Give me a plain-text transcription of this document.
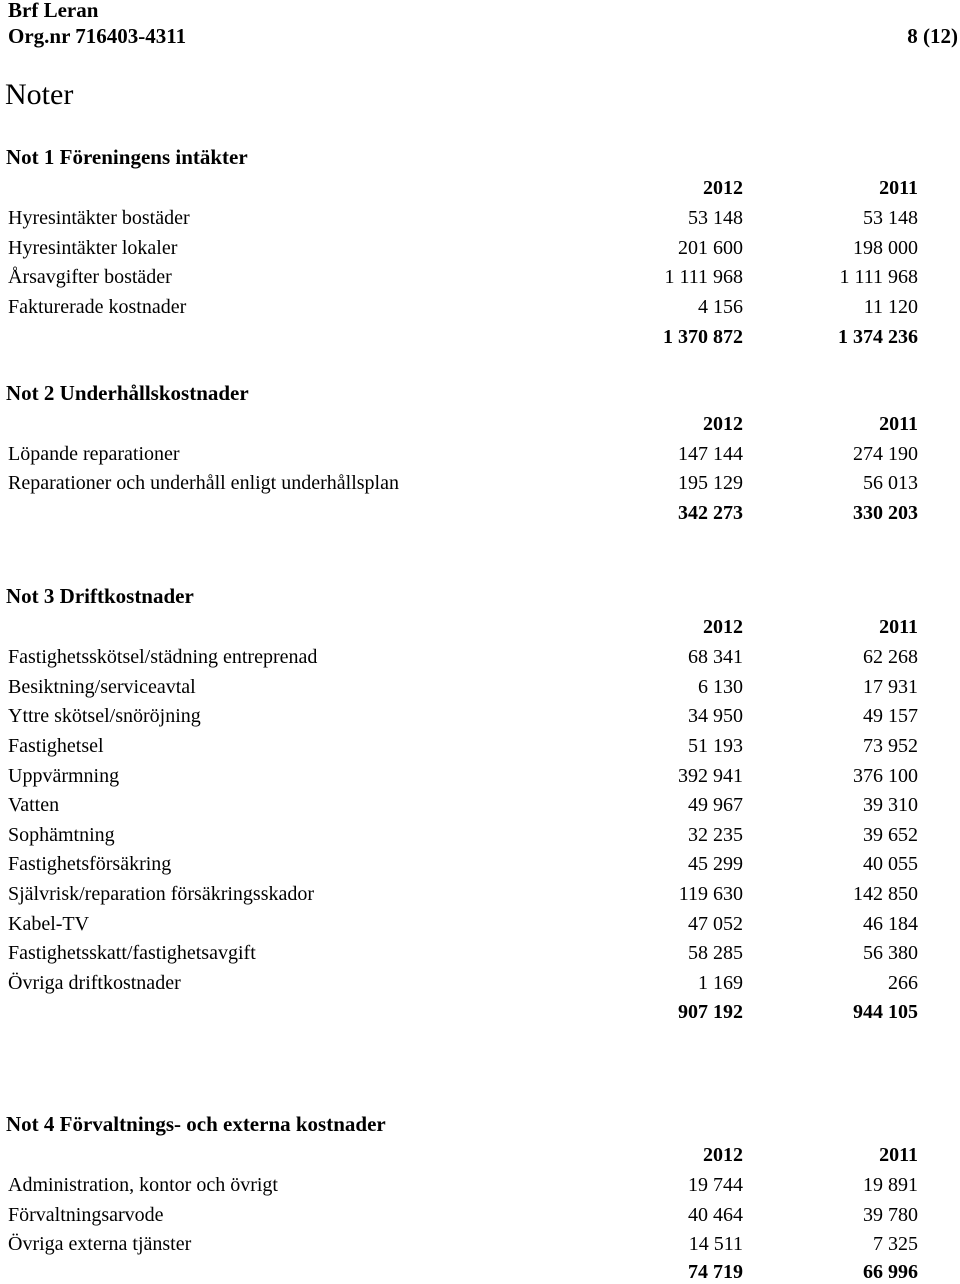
Brf Leran
Org.nr 716403-4311	8 (12)
Noter
Not 1 Föreningens intäkter
2012	2011
Hyresintäkter bostäder	53 148	53 148
Hyresintäkter lokaler	201 600	198 000
Årsavgifter bostäder	1 111 968	1 111 968
Fakturerade kostnader	4 156	11 120
1 370 872	1 374 236
Not 2 Underhållskostnader
2012	2011
Löpande reparationer	147 144	274 190
Reparationer och underhåll enligt underhållsplan	195 129	56 013
342 273	330 203
Not 3 Driftkostnader
2012	2011
Fastighetsskötsel/städning entreprenad	68 341	62 268
Besiktning/serviceavtal	6 130	17 931
Yttre skötsel/snöröjning	34 950	49 157
Fastighetsel	51 193	73 952
Uppvärmning	392 941	376 100
Vatten	49 967	39 310
Sophämtning	32 235	39 652
Fastighetsförsäkring	45 299	40 055
Självrisk/reparation försäkringsskador	119 630	142 850
Kabel-TV	47 052	46 184
Fastighetsskatt/fastighetsavgift	58 285	56 380
Övriga driftkostnader	1 169	266
907 192	944 105
Not 4 Förvaltnings- och externa kostnader
2012	2011
Administration, kontor och övrigt	19 744	19 891
Förvaltningsarvode	40 464	39 780
Övriga externa tjänster	14 511	7 325
74 719	66 996
